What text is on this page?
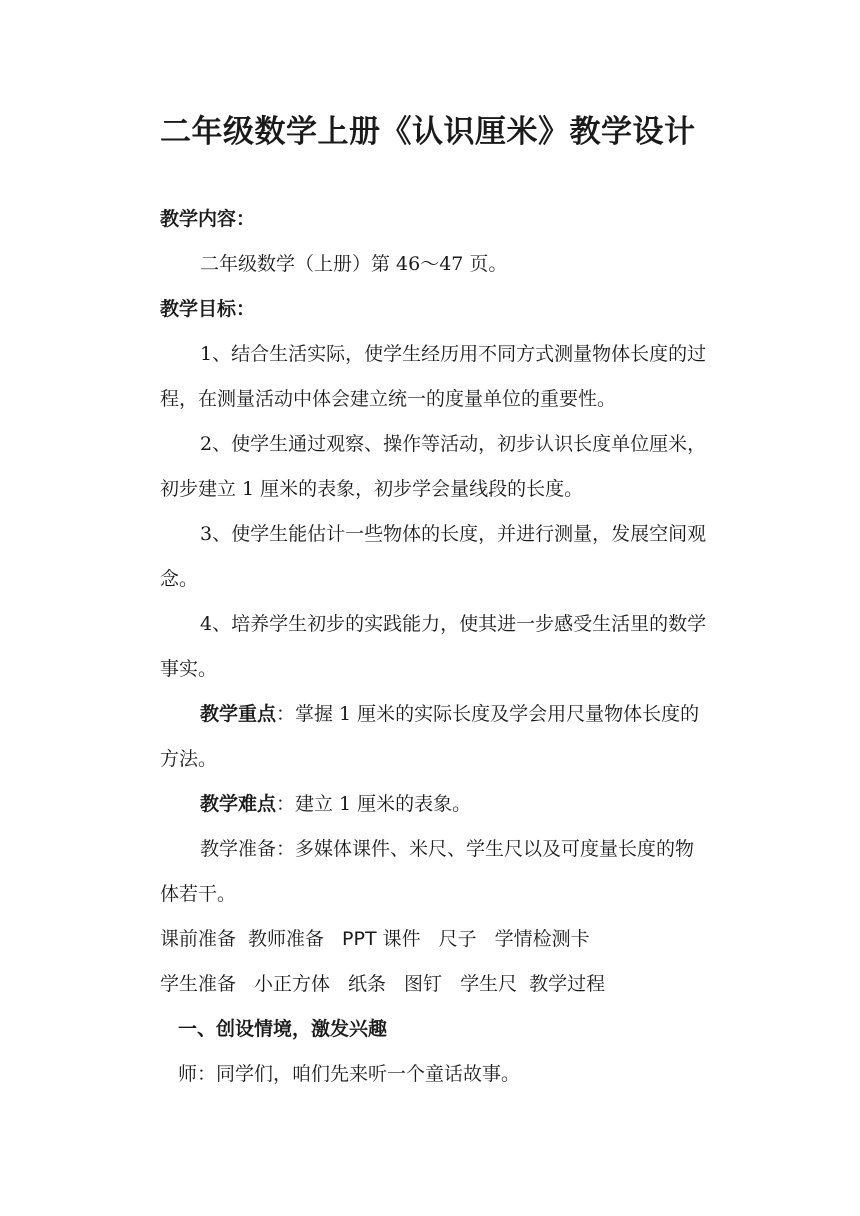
二年级数学上册《认识厘米》教学设计
教学内容：
二年级数学（上册）第 46～47 页。
教学目标：
1、结合生活实际，使学生经历用不同方式测量物体长度的过
程，在测量活动中体会建立统一的度量单位的重要性。
2、使学生通过观察、操作等活动，初步认识长度单位厘米，
初步建立 1 厘米的表象，初步学会量线段的长度。
3、使学生能估计一些物体的长度，并进行测量，发展空间观
念。
4、培养学生初步的实践能力，使其进一步感受生活里的数学
事实。
教学重点：掌握 1 厘米的实际长度及学会用尺量物体长度的
方法。
教学难点：建立 1 厘米的表象。
教学准备：多媒体课件、米尺、学生尺以及可度量长度的物
体若干。
课前准备 教师准备 PPT 课件 尺子 学情检测卡
学生准备 小正方体 纸条 图钉 学生尺 教学过程
一、创设情境，激发兴趣
师：同学们，咱们先来听一个童话故事。
